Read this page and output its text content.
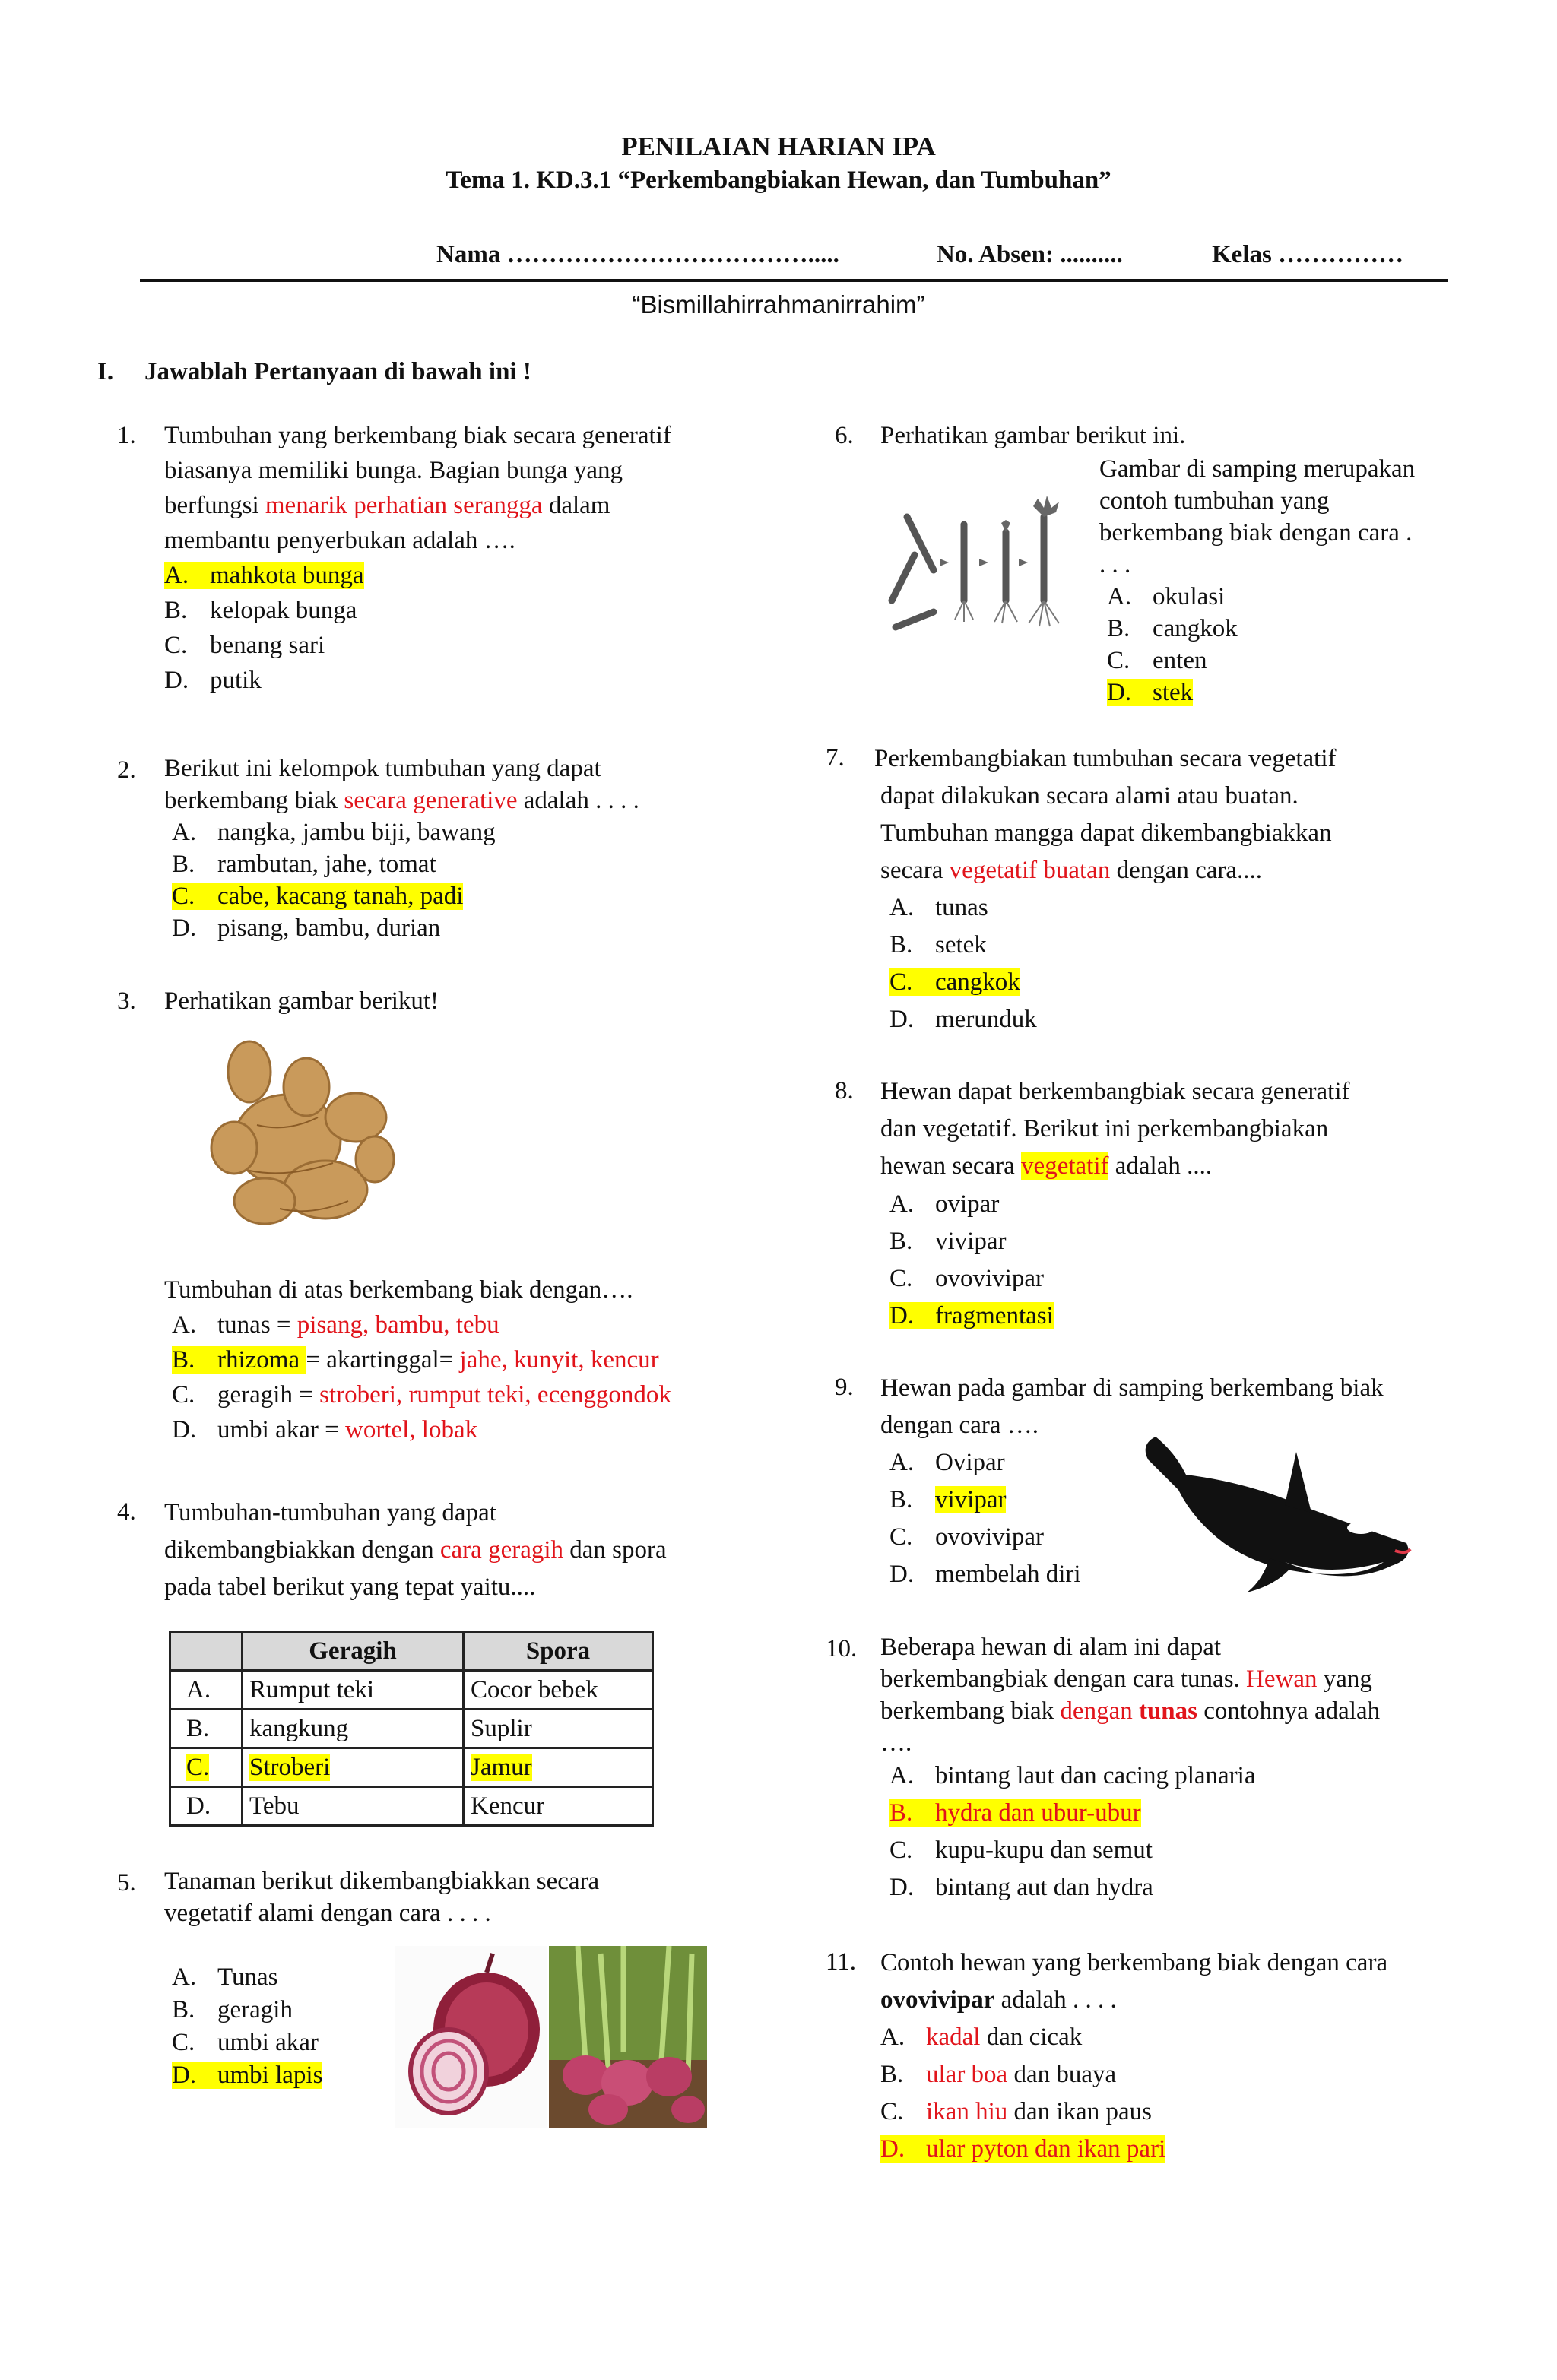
PENILAIAN HARIAN IPA
Tema 1. KD.3.1 “Perkembangbiakan Hewan, dan Tumbuhan”
Nama ……………………………….....	No. Absen: ..........	Kelas ……………
“Bismillahirrahmanirrahim”
I. Jawablah Pertanyaan di bawah ini !
1. Tumbuhan yang berkembang biak secara generatif
biasanya memiliki bunga. Bagian bunga yang
berfungsi menarik perhatian serangga dalam
membantu penyerbukan adalah ….
A. mahkota bunga
B. kelopak bunga
C. benang sari
D. putik
2. Berikut ini kelompok tumbuhan yang dapat
berkembang biak secara generative adalah . . . .
A. nangka, jambu biji, bawang
B. rambutan, jahe, tomat
C. cabe, kacang tanah, padi
D. pisang, bambu, durian
3. Perhatikan gambar berikut!
Tumbuhan di atas berkembang biak dengan….
A. tunas = pisang, bambu, tebu
B. rhizoma = akartinggal= jahe, kunyit, kencur
C. geragih = stroberi, rumput teki, ecenggondok
D. umbi akar = wortel, lobak
4. Tumbuhan-tumbuhan yang dapat
dikembangbiakkan dengan cara geragih dan spora
pada tabel berikut yang tepat yaitu....
	Geragih	Spora
A.	Rumput teki	Cocor bebek
B.	kangkung	Suplir
C.	Stroberi	Jamur
D.	Tebu	Kencur
5. Tanaman berikut dikembangbiakkan secara
vegetatif alami dengan cara . . . .
A. Tunas
B. geragih
C. umbi akar
D. umbi lapis
6. Perhatikan gambar berikut ini.
Gambar di samping merupakan
contoh tumbuhan yang
berkembang biak dengan cara .
. . .
A. okulasi
B. cangkok
C. enten
D. stek
7. Perkembangbiakan tumbuhan secara vegetatif
dapat dilakukan secara alami atau buatan.
Tumbuhan mangga dapat dikembangbiakkan
secara vegetatif buatan dengan cara....
A. tunas
B. setek
C. cangkok
D. merunduk
8. Hewan dapat berkembangbiak secara generatif
dan vegetatif. Berikut ini perkembangbiakan
hewan secara vegetatif adalah ....
A. ovipar
B. vivipar
C. ovovivipar
D. fragmentasi
9. Hewan pada gambar di samping berkembang biak
dengan cara ….
A. Ovipar
B. vivipar
C. ovovivipar
D. membelah diri
10. Beberapa hewan di alam ini dapat
berkembangbiak dengan cara tunas. Hewan yang
berkembang biak dengan tunas contohnya adalah
….
A. bintang laut dan cacing planaria
B. hydra dan ubur-ubur
C. kupu-kupu dan semut
D. bintang aut dan hydra
11. Contoh hewan yang berkembang biak dengan cara
ovovivipar adalah . . . .
A. kadal dan cicak
B. ular boa dan buaya
C. ikan hiu dan ikan paus
D. ular pyton dan ikan pari
